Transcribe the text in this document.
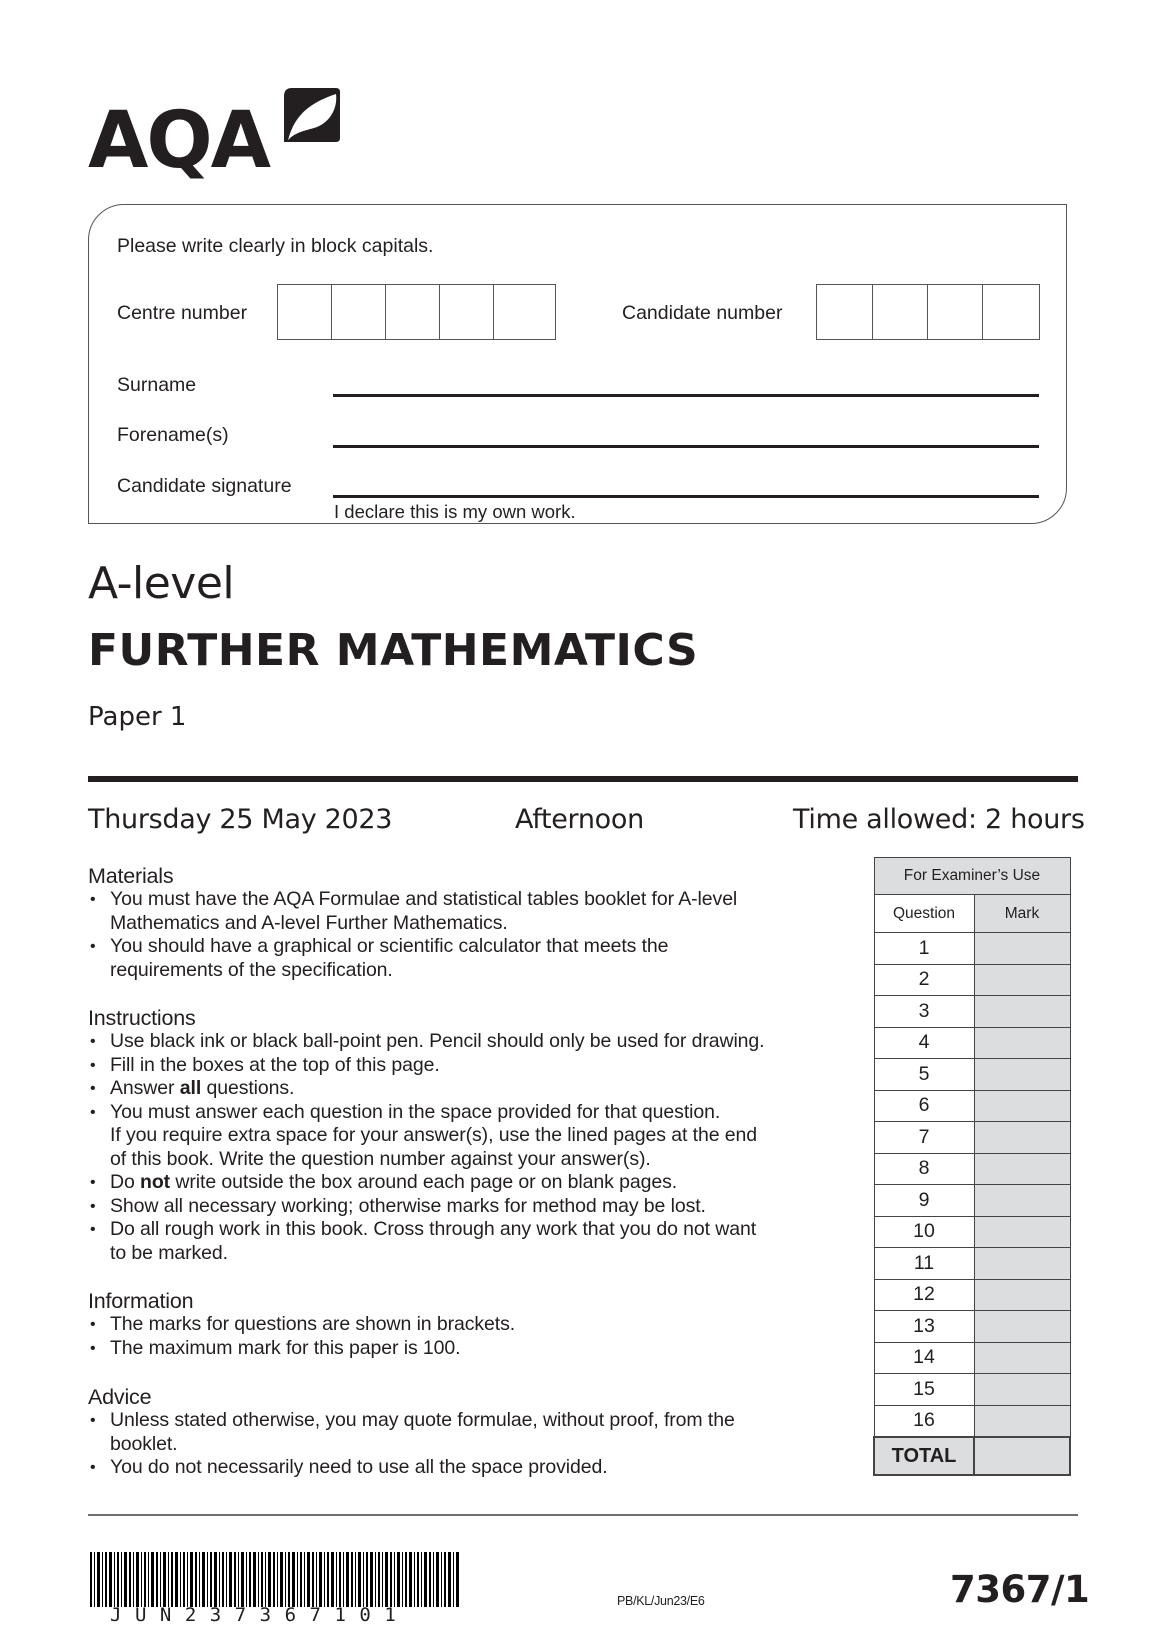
AQA
Please write clearly in block capitals.
Centre number	Candidate number
Surname
Forename(s)
Candidate signature
I declare this is my own work.
A-level
FURTHER MATHEMATICS
Paper 1
Thursday 25 May 2023	Afternoon	Time allowed: 2 hours
Materials
• You must have the AQA Formulae and statistical tables booklet for A-level
Mathematics and A-level Further Mathematics.
• You should have a graphical or scientific calculator that meets the
requirements of the specification.
Instructions
• Use black ink or black ball-point pen. Pencil should only be used for drawing.
• Fill in the boxes at the top of this page.
• Answer all questions.
• You must answer each question in the space provided for that question.
If you require extra space for your answer(s), use the lined pages at the end
of this book. Write the question number against your answer(s).
• Do not write outside the box around each page or on blank pages.
• Show all necessary working; otherwise marks for method may be lost.
• Do all rough work in this book. Cross through any work that you do not want
to be marked.
Information
• The marks for questions are shown in brackets.
• The maximum mark for this paper is 100.
Advice
• Unless stated otherwise, you may quote formulae, without proof, from the
booklet.
• You do not necessarily need to use all the space provided.
For Examiner’s Use	
Question	Mark
1	
2	
3	
4	
5	
6	
7	
8	
9	
10	
11	
12	
13	
14	
15	
16	
TOTAL	
JUN237367101
PB/KL/Jun23/E6	7367/1
